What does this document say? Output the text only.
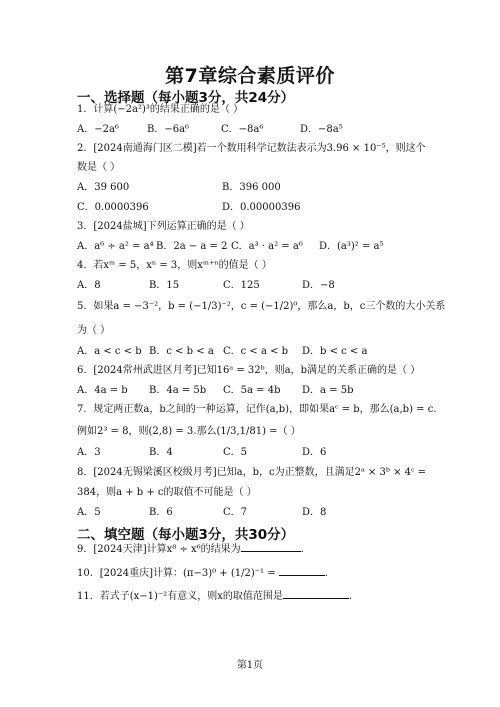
第7章综合素质评价
一、选择题（每小题3分，共24分）
1．计算(−2a²)³的结果正确的是（ ）
A．−2a⁶	B．−6a⁶	C．−8a⁶	D．−8a⁵
2．[2024南通海门区二模]若一个数用科学记数法表示为3.96 × 10⁻⁵，则这个
数是（ ）
A．39 600	B．396 000
C．0.0000396	D．0.00000396
3．[2024盐城]下列运算正确的是（ ）
A．a⁶ ÷ a² = a⁴ B．2a − a = 2 C．a³ · a² = a⁶ D．(a³)² = a⁵
4．若xᵐ = 5，xⁿ = 3，则xᵐ⁺ⁿ的值是（ ）
A．8	B．15	C．125	D．−8
5．如果a = −3⁻²，b = (−1/3)⁻²，c = (−1/2)⁰，那么a，b，c三个数的大小关系
为（ ）
A．a < c < b B．c < b < a C．c < a < b D．b < c < a
6．[2024常州武进区月考]已知16ᵃ = 32ᵇ，则a，b满足的关系正确的是（ ）
A．4a = b B．4a = 5b C．5a = 4b D．a = 5b
7．规定两正数a，b之间的一种运算，记作(a,b)，即如果aᶜ = b，那么(a,b) = c.
例如2³ = 8，则(2,8) = 3.那么(1/3,1/81) =（ ）
A．3	B．4	C．5	D．6
8．[2024无锡梁溪区校级月考]已知a，b，c为正整数，且满足2ᵃ × 3ᵇ × 4ᶜ =
384，则a + b + c的取值不可能是（ ）
A．5	B．6	C．7	D．8
二、填空题（每小题3分，共30分）
9．[2024天津]计算x⁸ ÷ x⁶的结果为	.
10．[2024重庆]计算：(π−3)⁰ + (1/2)⁻¹ =	.
11．若式子(x−1)⁻²有意义，则x的取值范围是	.
第1页
